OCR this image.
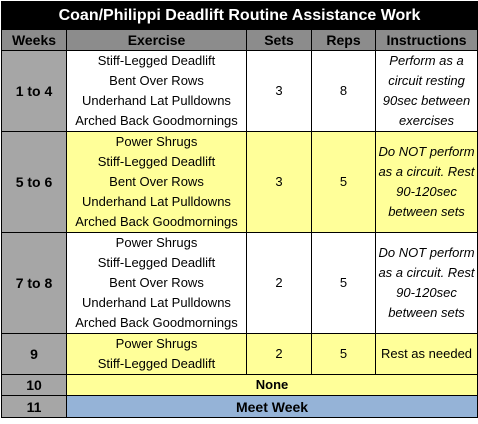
Coan/Philippi Deadlift Routine Assistance Work				
Weeks	Exercise	Sets	Reps	Instructions
1 to 4	Stiff-Legged Deadlift
Bent Over Rows
Underhand Lat Pulldowns
Arched Back Goodmornings	3	8	Perform as a circuit resting 90sec between exercises
5 to 6	Power Shrugs
Stiff-Legged Deadlift
Bent Over Rows
Underhand Lat Pulldowns
Arched Back Goodmornings	3	5	Do NOT perform as a circuit. Rest 90-120sec between sets
7 to 8	Power Shrugs
Stiff-Legged Deadlift
Bent Over Rows
Underhand Lat Pulldowns
Arched Back Goodmornings	2	5	Do NOT perform as a circuit. Rest 90-120sec between sets
9	Power Shrugs
Stiff-Legged Deadlift	2	5	Rest as needed
10	None			
11	Meet Week			
